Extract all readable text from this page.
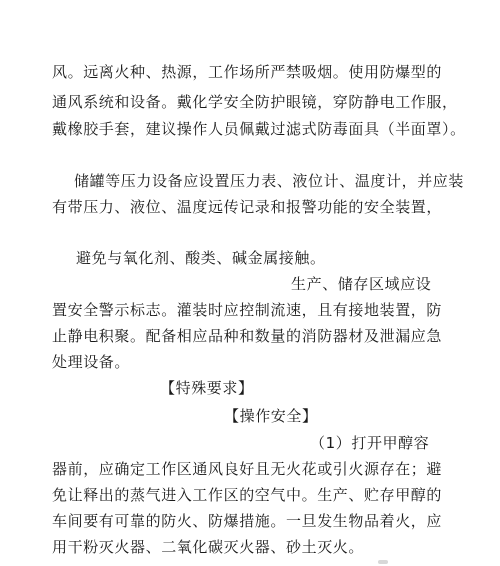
风。远离火种、热源，工作场所严禁吸烟。使用防爆型的
通风系统和设备。戴化学安全防护眼镜，穿防静电工作服，
戴橡胶手套，建议操作人员佩戴过滤式防毒面具（半面罩）。
储罐等压力设备应设置压力表、液位计、温度计，并应装
有带压力、液位、温度远传记录和报警功能的安全装置，
避免与氧化剂、酸类、碱金属接触。
生产、储存区域应设
置安全警示标志。灌装时应控制流速，且有接地装置，防
止静电积聚。配备相应品种和数量的消防器材及泄漏应急
处理设备。
【特殊要求】
【操作安全】
（1）打开甲醇容
器前，应确定工作区通风良好且无火花或引火源存在；避
免让释出的蒸气进入工作区的空气中。生产、贮存甲醇的
车间要有可靠的防火、防爆措施。一旦发生物品着火，应
用干粉灭火器、二氧化碳灭火器、砂土灭火。
